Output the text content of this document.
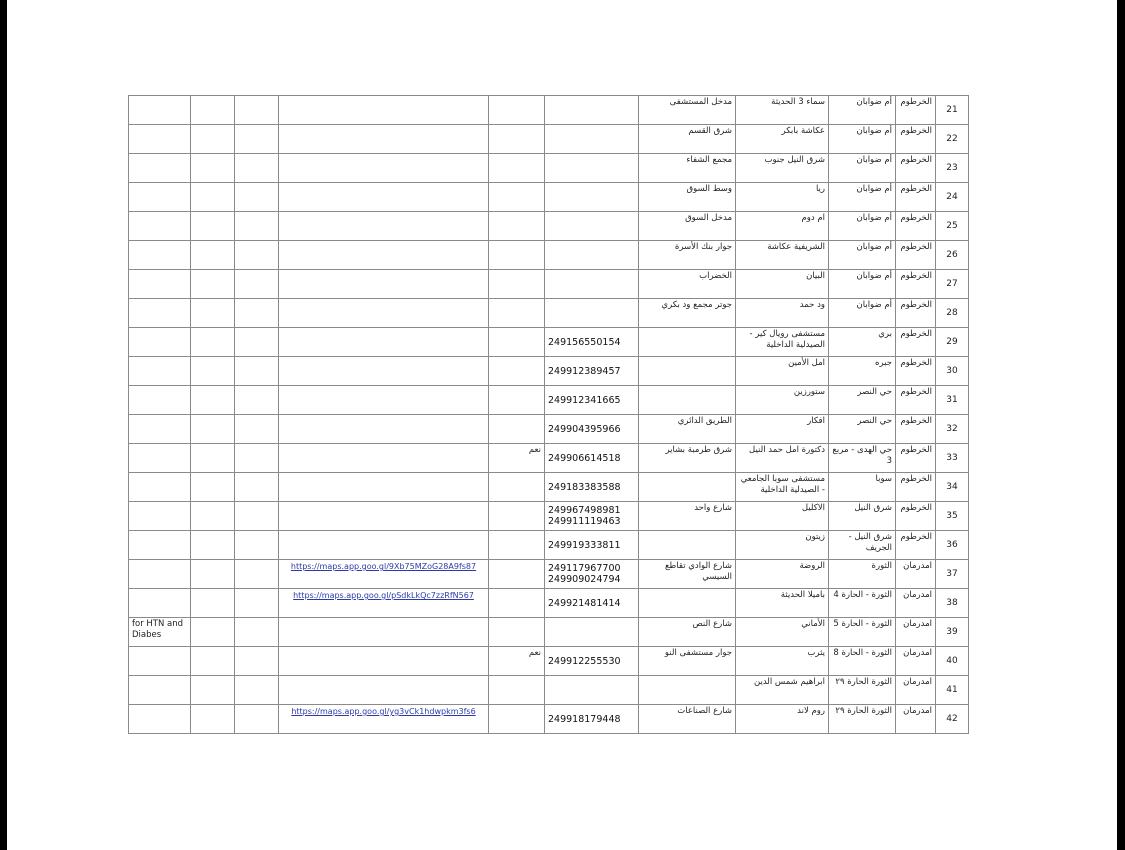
						مدخل المستشفى	سماء 3 الحديثة	أم ضوابان	الخرطوم	21
						شرق القسم	عكاشة بابكر	أم ضوابان	الخرطوم	22
						مجمع الشفاء	شرق النيل جنوب	أم ضوابان	الخرطوم	23
						وسط السوق	ريا	أم ضوابان	الخرطوم	24
						مدخل السوق	ام دوم	أم ضوابان	الخرطوم	25
						جوار بنك الأسرة	الشريفية عكاشة	أم ضوابان	الخرطوم	26
						الخضراب	البيان	أم ضوابان	الخرطوم	27
						جوتر مجمع ود بكري	ود حمد	أم ضوابان	الخرطوم	28
					249156550154		مستشفى رويال كير - الصيدلية الداخلية	بري	الخرطوم	29
					249912389457		امل الأمين	جبره	الخرطوم	30
					249912341665		ستورزين	حي النصر	الخرطوم	31
					249904395966	الطريق الدائري	افكار	حي النصر	الخرطوم	32
				نعم	249906614518	شرق طرمبة بشاير	دكتورة امل حمد النيل	حي الهدى - مربع 3	الخرطوم	33
					249183383588		مستشفى سوبا الجامعي - الصيدلية الداخلية	سوبا	الخرطوم	34
					249967498981 249911119463	شارع واحد	الاكليل	شرق النيل	الخرطوم	35
					249919333811		زيتون	شرق النيل - الجريف	الخرطوم	36
			https://maps.app.goo.gl/9Xb75MZoG28A9fs87		249117967700 249909024794	شارع الوادي تقاطع السيسي	الروضة	الثورة	امدرمان	37
			https://maps.app.goo.gl/pSdkLkQc7zzRfN567		249921481414		باميلا الحديثة	الثورة - الحارة 4	امدرمان	38
for HTN and Diabes						شارع النص	الأماني	الثورة - الحارة 5	امدرمان	39
				نعم	249912255530	جوار مستشفى النو	يثرب	الثورة - الحارة 8	امدرمان	40
							ابراهيم شمس الدين	الثورة الحارة ٢٩	امدرمان	41
			https://maps.app.goo.gl/yg3vCk1hdwpkm3fs6		249918179448	شارع الصناعات	روم لاند	الثورة الحارة ٢٩	امدرمان	42
